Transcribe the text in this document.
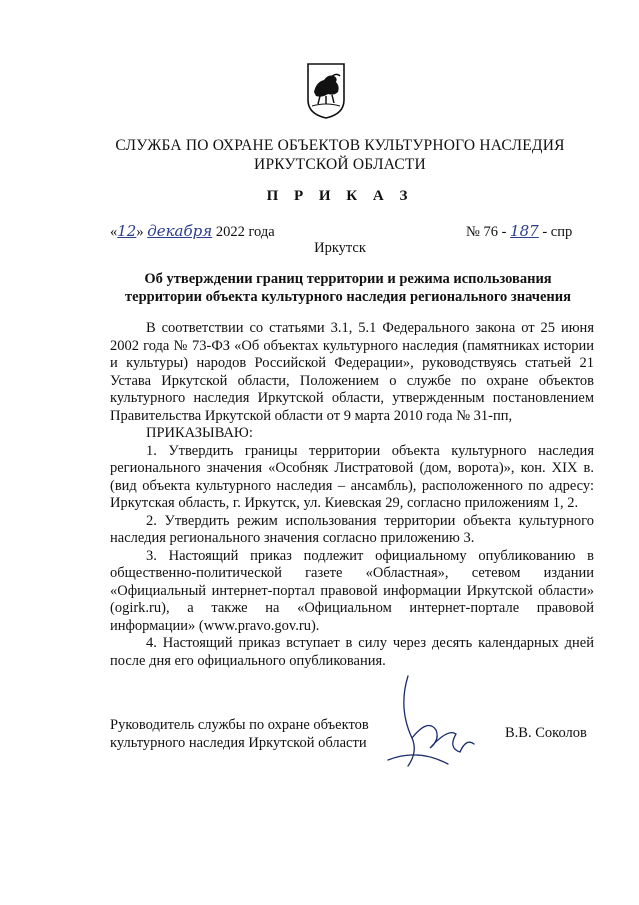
СЛУЖБА ПО ОХРАНЕ ОБЪЕКТОВ КУЛЬТУРНОГО НАСЛЕДИЯ
ИРКУТСКОЙ ОБЛАСТИ
П Р И К А З
«12» декабря 2022 года	№ 76 - 187 - спр
Иркутск
Об утверждении границ территории и режима использования
территории объекта культурного наследия регионального значения

В соответствии со статьями 3.1, 5.1 Федерального закона от 25 июня 2002 года № 73-ФЗ «Об объектах культурного наследия (памятниках истории и культуры) народов Российской Федерации», руководствуясь статьей 21 Устава Иркутской области, Положением о службе по охране объектов культурного наследия Иркутской области, утвержденным постановлением Правительства Иркутской области от 9 марта 2010 года № 31-пп,

ПРИКАЗЫВАЮ:

1. Утвердить границы территории объекта культурного наследия регионального значения «Особняк Листратовой (дом, ворота)», кон. XIX в. (вид объекта культурного наследия – ансамбль), расположенного по адресу: Иркутская область, г. Иркутск, ул. Киевская 29, согласно приложениям 1, 2.

2. Утвердить режим использования территории объекта культурного наследия регионального значения согласно приложению 3.

3. Настоящий приказ подлежит официальному опубликованию в общественно-политической газете «Областная», сетевом издании «Официальный интернет-портал правовой информации Иркутской области» (ogirk.ru), а также на «Официальном интернет-портале правовой информации» (www.pravo.gov.ru).

4. Настоящий приказ вступает в силу через десять календарных дней после дня его официального опубликования.

Руководитель службы по охране объектов
культурного наследия Иркутской области
В.В. Соколов
